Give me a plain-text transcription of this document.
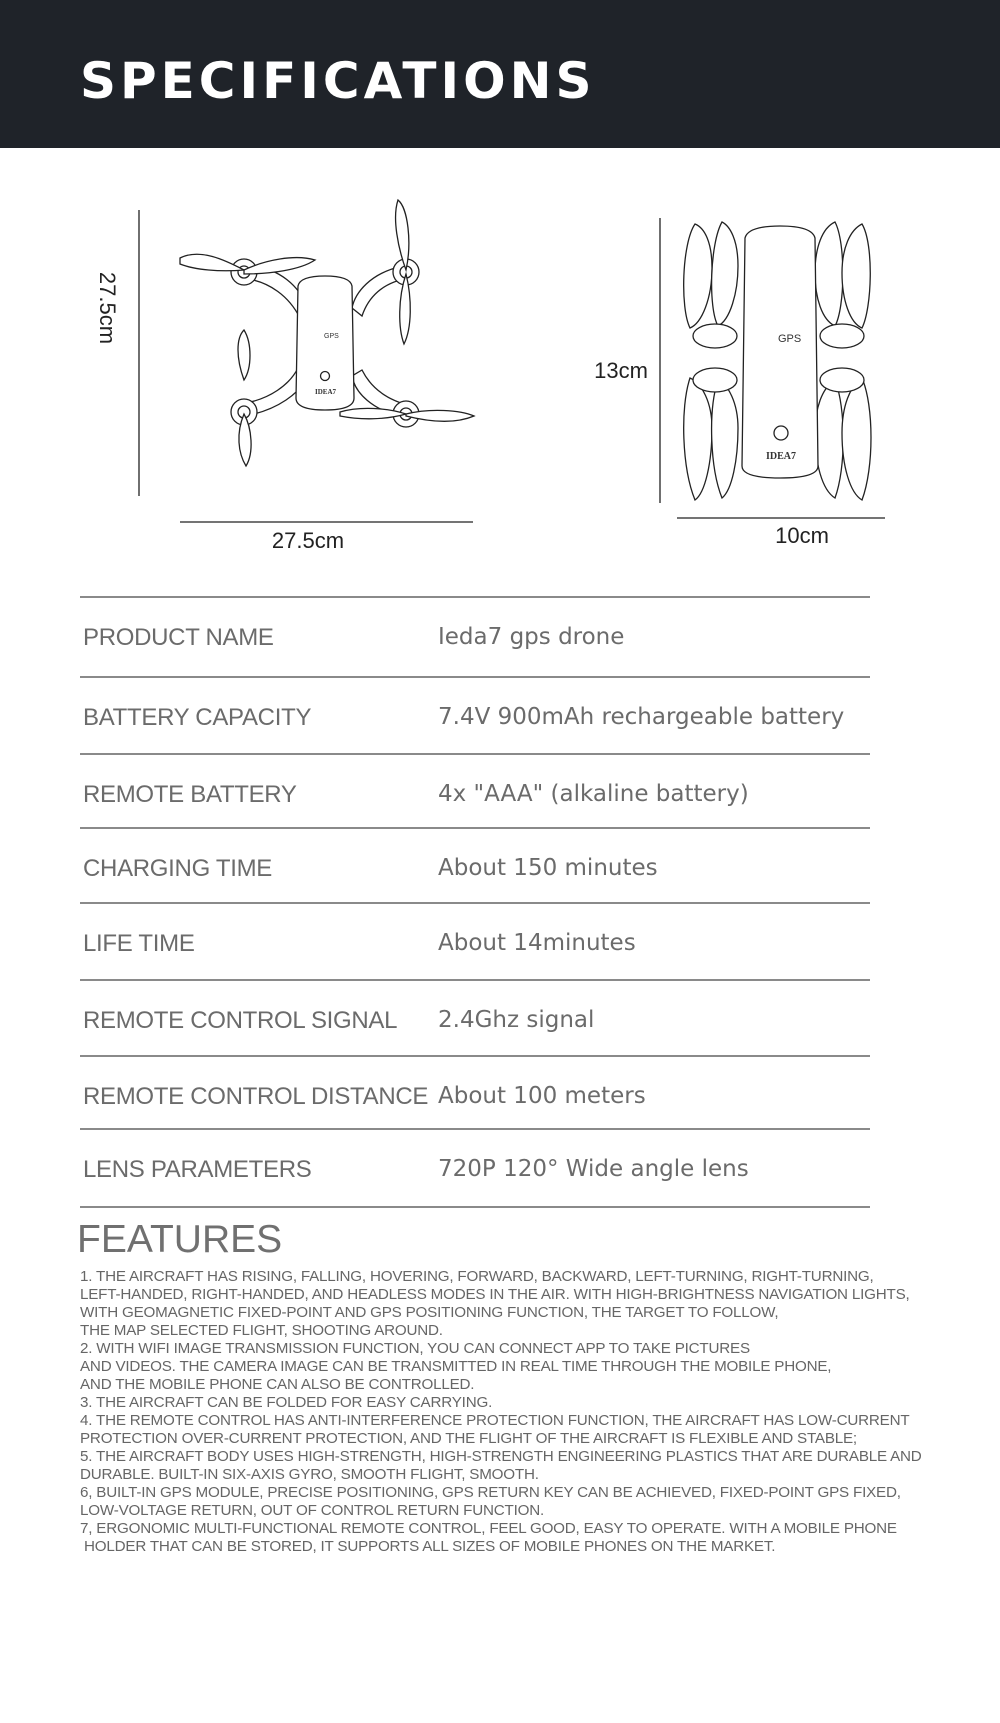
SPECIFICATIONS
GPS
IDEA7
GPS
IDEA7
27.5cm
27.5cm
13cm
10cm
PRODUCT NAME	Ieda7 gps drone
BATTERY CAPACITY	7.4V 900mAh rechargeable battery
REMOTE BATTERY	4x "AAA" (alkaline battery)
CHARGING TIME	About 150 minutes
LIFE TIME	About 14minutes
REMOTE CONTROL SIGNAL 2.4Ghz signal
REMOTE CONTROL DISTANCE About 100 meters
LENS PARAMETERS	720P 120° Wide angle lens
FEATURES
1. THE AIRCRAFT HAS RISING, FALLING, HOVERING, FORWARD, BACKWARD, LEFT-TURNING, RIGHT-TURNING,
LEFT-HANDED, RIGHT-HANDED, AND HEADLESS MODES IN THE AIR. WITH HIGH-BRIGHTNESS NAVIGATION LIGHTS,
WITH GEOMAGNETIC FIXED-POINT AND GPS POSITIONING FUNCTION, THE TARGET TO FOLLOW,
THE MAP SELECTED FLIGHT, SHOOTING AROUND.
2. WITH WIFI IMAGE TRANSMISSION FUNCTION, YOU CAN CONNECT APP TO TAKE PICTURES
AND VIDEOS. THE CAMERA IMAGE CAN BE TRANSMITTED IN REAL TIME THROUGH THE MOBILE PHONE,
AND THE MOBILE PHONE CAN ALSO BE CONTROLLED.
3. THE AIRCRAFT CAN BE FOLDED FOR EASY CARRYING.
4. THE REMOTE CONTROL HAS ANTI-INTERFERENCE PROTECTION FUNCTION, THE AIRCRAFT HAS LOW-CURRENT
PROTECTION OVER-CURRENT PROTECTION, AND THE FLIGHT OF THE AIRCRAFT IS FLEXIBLE AND STABLE;
5. THE AIRCRAFT BODY USES HIGH-STRENGTH, HIGH-STRENGTH ENGINEERING PLASTICS THAT ARE DURABLE AND
DURABLE. BUILT-IN SIX-AXIS GYRO, SMOOTH FLIGHT, SMOOTH.
6, BUILT-IN GPS MODULE, PRECISE POSITIONING, GPS RETURN KEY CAN BE ACHIEVED, FIXED-POINT GPS FIXED,
LOW-VOLTAGE RETURN, OUT OF CONTROL RETURN FUNCTION.
7, ERGONOMIC MULTI-FUNCTIONAL REMOTE CONTROL, FEEL GOOD, EASY TO OPERATE. WITH A MOBILE PHONE
HOLDER THAT CAN BE STORED, IT SUPPORTS ALL SIZES OF MOBILE PHONES ON THE MARKET.
